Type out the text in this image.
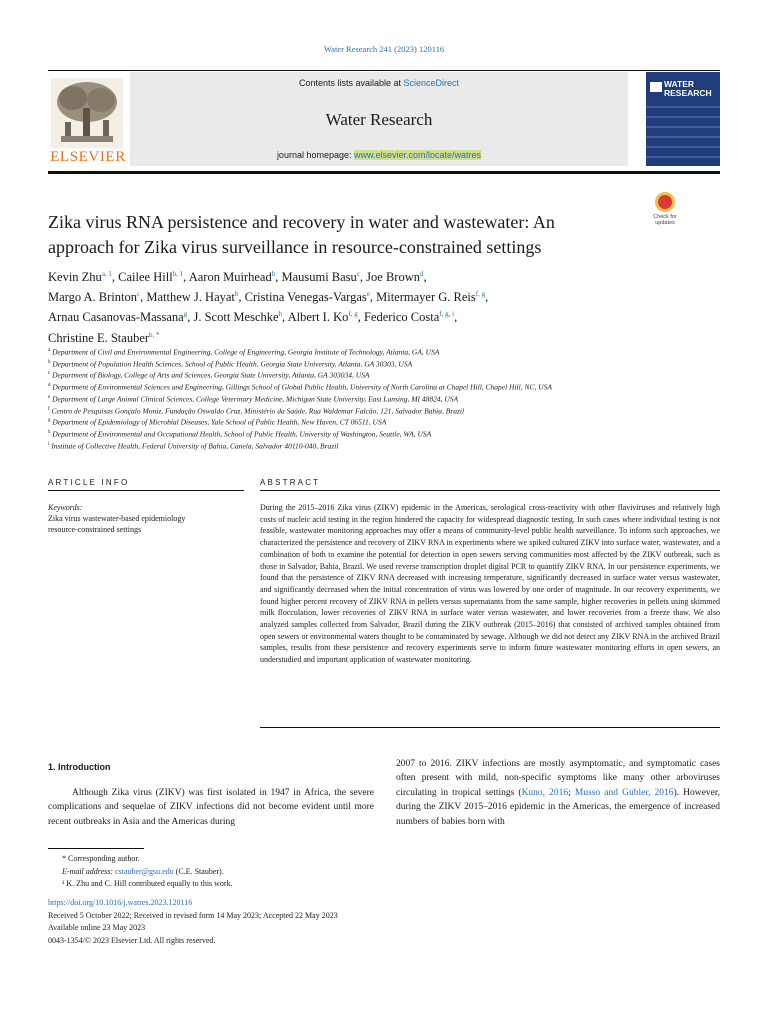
Water Research 241 (2023) 120116
ELSEVIER
Contents lists available at ScienceDirect
Water Research
journal homepage: www.elsevier.com/locate/watres
WATER
RESEARCH
Zika virus RNA persistence and recovery in water and wastewater: An approach for Zika virus surveillance in resource-constrained settings
Check for
updates
Kevin Zhu$^{a, 1}$, Cailee Hill$^{b, 1}$, Aaron Muirhead$^b$, Mausumi Basu$^c$, Joe Brown$^d$,
Margo A. Brinton$^c$, Matthew J. Hayat$^b$, Cristina Venegas-Vargas$^e$, Mitermayer G. Reis$^{f, g}$,
Arnau Casanovas-Massana$^g$, J. Scott Meschke$^h$, Albert I. Ko$^{f, g}$, Federico Costa$^{f, g, i}$,
Christine E. Stauber$^{b, *}$
$^a$ Department of Civil and Environmental Engineering, College of Engineering, Georgia Institute of Technology, Atlanta, GA, USA
$^b$ Department of Population Health Sciences, School of Public Health, Georgia State University, Atlanta, GA 30303, USA
$^c$ Department of Biology, College of Arts and Sciences, Georgia State University, Atlanta, GA 303034, USA
$^d$ Department of Environmental Sciences and Engineering, Gillings School of Global Public Health, University of North Carolina at Chapel Hill, Chapel Hill, NC, USA
$^e$ Department of Large Animal Clinical Sciences, College Veterinary Medicine, Michigan State University, East Lansing, MI 48824, USA
$^f$ Centro de Pesquisas Gonçalo Moniz, Fundação Oswaldo Cruz, Ministério da Saúde, Rua Waldemar Falcão, 121, Salvador Bahia, Brazil
$^g$ Department of Epidemiology of Microbial Diseases, Yale School of Public Health, New Haven, CT 06511, USA
$^h$ Department of Environmental and Occupational Health, School of Public Health, University of Washington, Seattle, WA, USA
$^i$ Institute of Collective Health, Federal University of Bahia, Canela, Salvador 40110-040, Brazil
ARTICLE INFO	ABSTRACT
Keywords:
Zika virus wastewater-based epidemiology
resource-constrained settings
During the 2015–2016 Zika virus (ZIKV) epidemic in the Americas, serological cross-reactivity with other flaviviruses and relatively high costs of nucleic acid testing in the region hindered the capacity for widespread diagnostic testing. In such cases where individual testing is not feasible, wastewater monitoring approaches may offer a means of community-level public health surveillance. To inform such approaches, we characterized the persistence and recovery of ZIKV RNA in experiments where we spiked cultured ZIKV into surface water, wastewater, and a combination of both to examine the potential for detection in open sewers serving communities most affected by the ZIKV outbreak, such as those in Salvador, Bahia, Brazil. We used reverse transcription droplet digital PCR to quantify ZIKV RNA. In our persistence experiments, we found that the persistence of ZIKV RNA decreased with increasing temperature, significantly decreased in surface water versus wastewater, and significantly decreased when the initial concentration of virus was lowered by one order of magnitude. In our recovery experiments, we found higher percent recovery of ZIKV RNA in pellets versus supernatants from the same sample, higher recoveries in pellets using skimmed milk flocculation, lower recoveries of ZIKV RNA in surface water versus wastewater, and lower recoveries from a freeze thaw. We also analyzed samples collected from Salvador, Brazil during the ZIKV outbreak (2015–2016) that consisted of archived samples obtained from open sewers or environmental waters thought to be contaminated by sewage. Although we did not detect any ZIKV RNA in the archived Brazil samples, results from these persistence and recovery experiments serve to inform future wastewater monitoring efforts in open sewers, an understudied and important application of wastewater monitoring.
1. Introduction
Although Zika virus (ZIKV) was first isolated in 1947 in Africa, the severe complications and sequelae of ZIKV infections did not become evident until more recent outbreaks in Asia and the Americas during
2007 to 2016. ZIKV infections are mostly asymptomatic, and symptomatic cases often present with mild, non-specific symptoms like many other arboviruses circulating in tropical settings (Kuno, 2016; Musso and Gubler, 2016). However, during the ZIKV 2015–2016 epidemic in the Americas, the emergence of increased numbers of babies born with
* Corresponding author.
E-mail address: cstauber@gsu.edu (C.E. Stauber).
¹ K. Zhu and C. Hill contributed equally to this work.
https://doi.org/10.1016/j.watres.2023.120116
Received 5 October 2022; Received in revised form 14 May 2023; Accepted 22 May 2023
Available online 23 May 2023
0043-1354/© 2023 Elsevier Ltd. All rights reserved.
